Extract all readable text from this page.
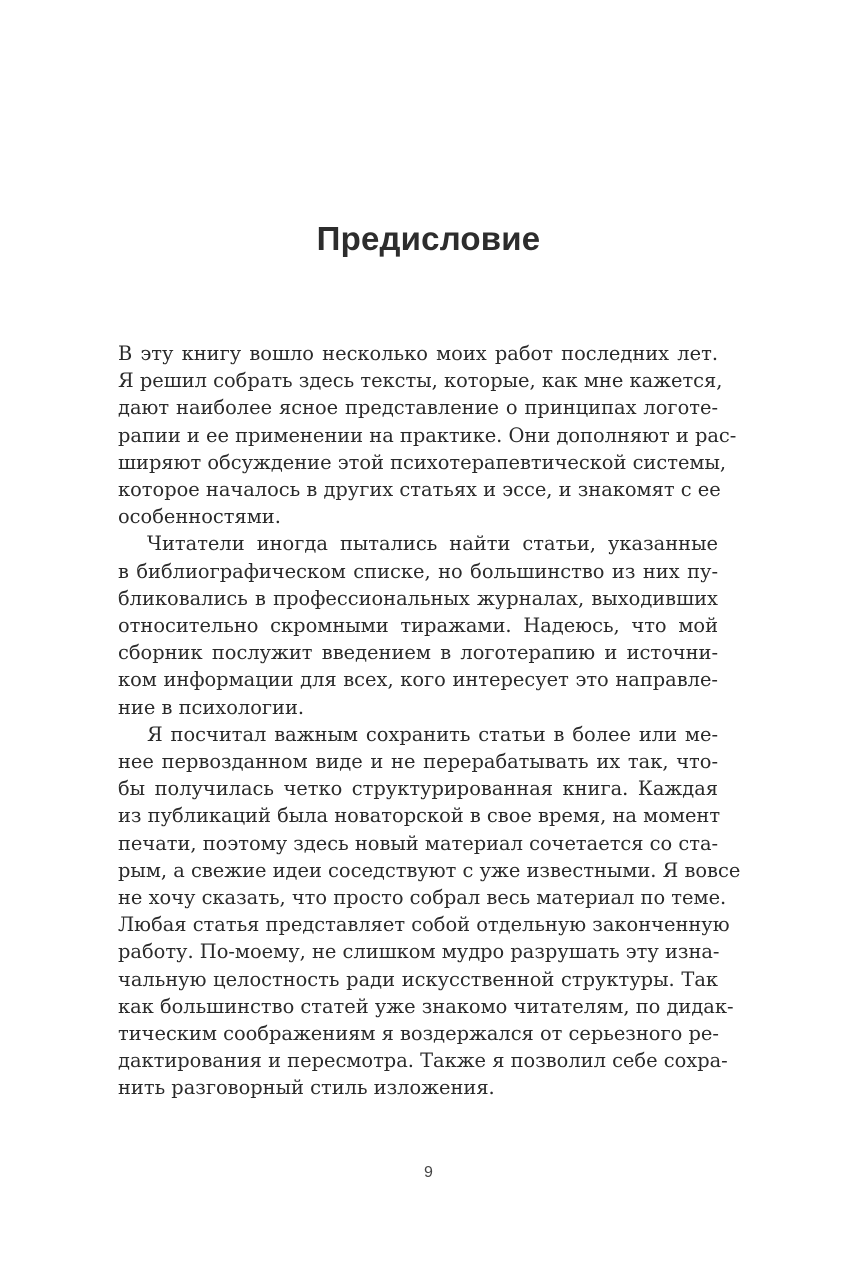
Предисловие
В эту книгу вошло несколько моих работ последних лет.
Я решил собрать здесь тексты, которые, как мне кажется,
дают наиболее ясное представление о принципах логоте-
рапии и ее применении на практике. Они дополняют и рас-
ширяют обсуждение этой психотерапевтической системы,
которое началось в других статьях и эссе, и знакомят с ее
особенностями.
Читатели иногда пытались найти статьи, указанные
в библиографическом списке, но большинство из них пу-
бликовались в профессиональных журналах, выходивших
относительно скромными тиражами. Надеюсь, что мой
сборник послужит введением в логотерапию и источни-
ком информации для всех, кого интересует это направле-
ние в психологии.
Я посчитал важным сохранить статьи в более или ме-
нее первозданном виде и не перерабатывать их так, что-
бы получилась четко структурированная книга. Каждая
из публикаций была новаторской в свое время, на момент
печати, поэтому здесь новый материал сочетается со ста-
рым, а свежие идеи соседствуют с уже известными. Я вовсе
не хочу сказать, что просто собрал весь материал по теме.
Любая статья представляет собой отдельную законченную
работу. По-моему, не слишком мудро разрушать эту изна-
чальную целостность ради искусственной структуры. Так
как большинство статей уже знакомо читателям, по дидак-
тическим соображениям я воздержался от серьезного ре-
дактирования и пересмотра. Также я позволил себе сохра-
нить разговорный стиль изложения.
9
